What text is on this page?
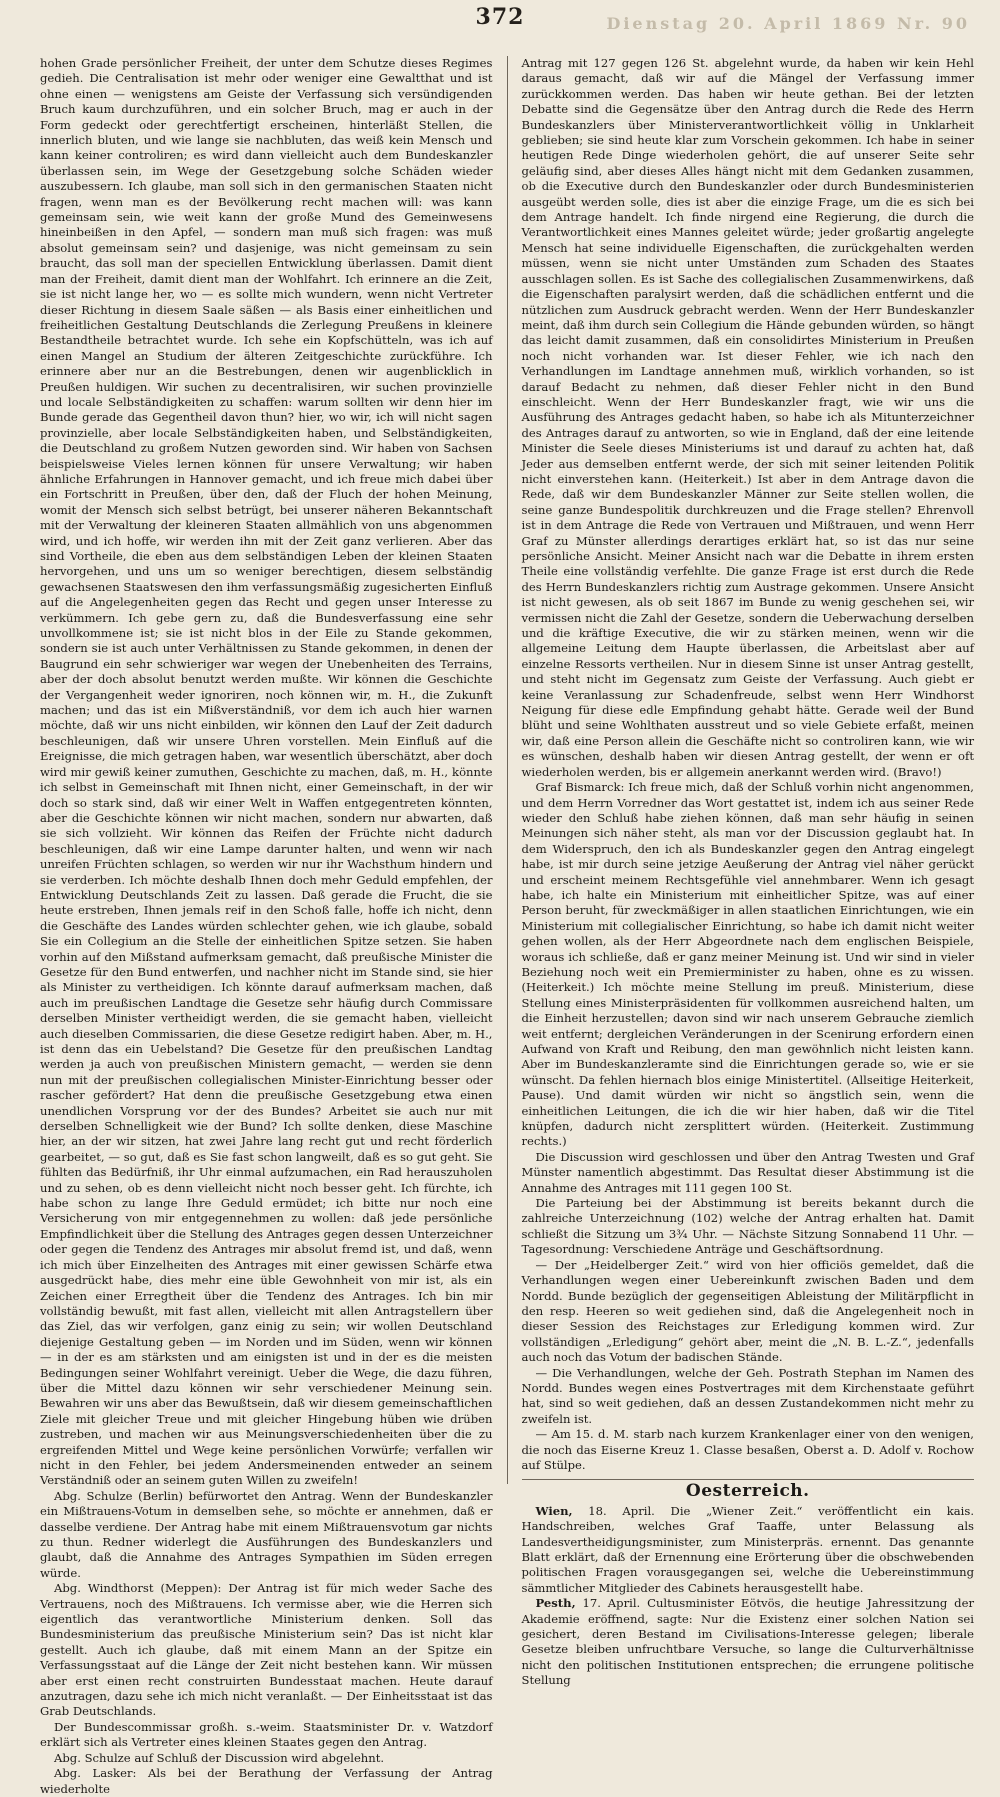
Dienstag 20. April 1869 Nr. 90
372

hohen Grade persönlicher Freiheit, der unter dem Schutze dieses Regimes gedieh. Die Centralisation ist mehr oder weniger eine Gewaltthat und ist ohne einen — wenigstens am Geiste der Verfassung sich versündigenden Bruch kaum durchzuführen, und ein solcher Bruch, mag er auch in der Form gedeckt oder gerechtfertigt erscheinen, hinterläßt Stellen, die innerlich bluten, und wie lange sie nachbluten, das weiß kein Mensch und kann keiner controliren; es wird dann vielleicht auch dem Bundeskanzler überlassen sein, im Wege der Gesetzgebung solche Schäden wieder auszubessern. Ich glaube, man soll sich in den germanischen Staaten nicht fragen, wenn man es der Bevölkerung recht machen will: was kann gemeinsam sein, wie weit kann der große Mund des Gemeinwesens hineinbeißen in den Apfel, — sondern man muß sich fragen: was muß absolut gemeinsam sein? und dasjenige, was nicht gemeinsam zu sein braucht, das soll man der speciellen Entwicklung überlassen. Damit dient man der Freiheit, damit dient man der Wohlfahrt. Ich erinnere an die Zeit, sie ist nicht lange her, wo — es sollte mich wundern, wenn nicht Vertreter dieser Richtung in diesem Saale säßen — als Basis einer einheitlichen und freiheitlichen Gestaltung Deutschlands die Zerlegung Preußens in kleinere Bestandtheile betrachtet wurde. Ich sehe ein Kopfschütteln, was ich auf einen Mangel an Studium der älteren Zeitgeschichte zurückführe. Ich erinnere aber nur an die Bestrebungen, denen wir augenblicklich in Preußen huldigen. Wir suchen zu decentralisiren, wir suchen provinzielle und locale Selbständigkeiten zu schaffen: warum sollten wir denn hier im Bunde gerade das Gegentheil davon thun? hier, wo wir, ich will nicht sagen provinzielle, aber locale Selbständigkeiten haben, und Selbständigkeiten, die Deutschland zu großem Nutzen geworden sind. Wir haben von Sachsen beispielsweise Vieles lernen können für unsere Verwaltung; wir haben ähnliche Erfahrungen in Hannover gemacht, und ich freue mich dabei über ein Fortschritt in Preußen, über den, daß der Fluch der hohen Meinung, womit der Mensch sich selbst betrügt, bei unserer näheren Bekanntschaft mit der Verwaltung der kleineren Staaten allmählich von uns abgenommen wird, und ich hoffe, wir werden ihn mit der Zeit ganz verlieren. Aber das sind Vortheile, die eben aus dem selbständigen Leben der kleinen Staaten hervorgehen, und uns um so weniger berechtigen, diesem selbständig gewachsenen Staatswesen den ihm verfassungsmäßig zugesicherten Einfluß auf die Angelegenheiten gegen das Recht und gegen unser Interesse zu verkümmern. Ich gebe gern zu, daß die Bundesverfassung eine sehr unvollkommene ist; sie ist nicht blos in der Eile zu Stande gekommen, sondern sie ist auch unter Verhältnissen zu Stande gekommen, in denen der Baugrund ein sehr schwieriger war wegen der Unebenheiten des Terrains, aber der doch absolut benutzt werden mußte. Wir können die Geschichte der Vergangenheit weder ignoriren, noch können wir, m. H., die Zukunft machen; und das ist ein Mißverständniß, vor dem ich auch hier warnen möchte, daß wir uns nicht einbilden, wir können den Lauf der Zeit dadurch beschleunigen, daß wir unsere Uhren vorstellen. Mein Einfluß auf die Ereignisse, die mich getragen haben, war wesentlich überschätzt, aber doch wird mir gewiß keiner zumuthen, Geschichte zu machen, daß, m. H., könnte ich selbst in Gemeinschaft mit Ihnen nicht, einer Gemeinschaft, in der wir doch so stark sind, daß wir einer Welt in Waffen entgegentreten könnten, aber die Geschichte können wir nicht machen, sondern nur abwarten, daß sie sich vollzieht. Wir können das Reifen der Früchte nicht dadurch beschleunigen, daß wir eine Lampe darunter halten, und wenn wir nach unreifen Früchten schlagen, so werden wir nur ihr Wachsthum hindern und sie verderben. Ich möchte deshalb Ihnen doch mehr Geduld empfehlen, der Entwicklung Deutschlands Zeit zu lassen. Daß gerade die Frucht, die sie heute erstreben, Ihnen jemals reif in den Schoß falle, hoffe ich nicht, denn die Geschäfte des Landes würden schlechter gehen, wie ich glaube, sobald Sie ein Collegium an die Stelle der einheitlichen Spitze setzen. Sie haben vorhin auf den Mißstand aufmerksam gemacht, daß preußische Minister die Gesetze für den Bund entwerfen, und nachher nicht im Stande sind, sie hier als Minister zu vertheidigen. Ich könnte darauf aufmerksam machen, daß auch im preußischen Landtage die Gesetze sehr häufig durch Commissare derselben Minister vertheidigt werden, die sie gemacht haben, vielleicht auch dieselben Commissarien, die diese Gesetze redigirt haben. Aber, m. H., ist denn das ein Uebelstand? Die Gesetze für den preußischen Landtag werden ja auch von preußischen Ministern gemacht, — werden sie denn nun mit der preußischen collegialischen Minister-Einrichtung besser oder rascher gefördert? Hat denn die preußische Gesetzgebung etwa einen unendlichen Vorsprung vor der des Bundes? Arbeitet sie auch nur mit derselben Schnelligkeit wie der Bund? Ich sollte denken, diese Maschine hier, an der wir sitzen, hat zwei Jahre lang recht gut und recht förderlich gearbeitet, — so gut, daß es Sie fast schon langweilt, daß es so gut geht. Sie fühlten das Bedürfniß, ihr Uhr einmal aufzumachen, ein Rad herauszuholen und zu sehen, ob es denn vielleicht nicht noch besser geht. Ich fürchte, ich habe schon zu lange Ihre Geduld ermüdet; ich bitte nur noch eine Versicherung von mir entgegennehmen zu wollen: daß jede persönliche Empfindlichkeit über die Stellung des Antrages gegen dessen Unterzeichner oder gegen die Tendenz des Antrages mir absolut fremd ist, und daß, wenn ich mich über Einzelheiten des Antrages mit einer gewissen Schärfe etwa ausgedrückt habe, dies mehr eine üble Gewohnheit von mir ist, als ein Zeichen einer Erregtheit über die Tendenz des Antrages. Ich bin mir vollständig bewußt, mit fast allen, vielleicht mit allen Antragstellern über das Ziel, das wir verfolgen, ganz einig zu sein; wir wollen Deutschland diejenige Gestaltung geben — im Norden und im Süden, wenn wir können — in der es am stärksten und am einigsten ist und in der es die meisten Bedingungen seiner Wohlfahrt vereinigt. Ueber die Wege, die dazu führen, über die Mittel dazu können wir sehr verschiedener Meinung sein. Bewahren wir uns aber das Bewußtsein, daß wir diesem gemeinschaftlichen Ziele mit gleicher Treue und mit gleicher Hingebung hüben wie drüben zustreben, und machen wir aus Meinungsverschiedenheiten über die zu ergreifenden Mittel und Wege keine persönlichen Vorwürfe; verfallen wir nicht in den Fehler, bei jedem Andersmeinenden entweder an seinem Verständniß oder an seinem guten Willen zu zweifeln!

Abg. Schulze (Berlin) befürwortet den Antrag. Wenn der Bundeskanzler ein Mißtrauens-Votum in demselben sehe, so möchte er annehmen, daß er dasselbe verdiene. Der Antrag habe mit einem Mißtrauensvotum gar nichts zu thun. Redner widerlegt die Ausführungen des Bundeskanzlers und glaubt, daß die Annahme des Antrages Sympathien im Süden erregen würde.

Abg. Windthorst (Meppen): Der Antrag ist für mich weder Sache des Vertrauens, noch des Mißtrauens. Ich vermisse aber, wie die Herren sich eigentlich das verantwortliche Ministerium denken. Soll das Bundesministerium das preußische Ministerium sein? Das ist nicht klar gestellt. Auch ich glaube, daß mit einem Mann an der Spitze ein Verfassungsstaat auf die Länge der Zeit nicht bestehen kann. Wir müssen aber erst einen recht construirten Bundesstaat machen. Heute darauf anzutragen, dazu sehe ich mich nicht veranlaßt. — Der Einheitsstaat ist das Grab Deutschlands.

Der Bundescommissar großh. s.-weim. Staatsminister Dr. v. Watzdorf erklärt sich als Vertreter eines kleinen Staates gegen den Antrag.

Abg. Schulze auf Schluß der Discussion wird abgelehnt.

Abg. Lasker: Als bei der Berathung der Verfassung der Antrag wiederholte

Antrag mit 127 gegen 126 St. abgelehnt wurde, da haben wir kein Hehl daraus gemacht, daß wir auf die Mängel der Verfassung immer zurückkommen werden. Das haben wir heute gethan. Bei der letzten Debatte sind die Gegensätze über den Antrag durch die Rede des Herrn Bundeskanzlers über Ministerverantwortlichkeit völlig in Unklarheit geblieben; sie sind heute klar zum Vorschein gekommen. Ich habe in seiner heutigen Rede Dinge wiederholen gehört, die auf unserer Seite sehr geläufig sind, aber dieses Alles hängt nicht mit dem Gedanken zusammen, ob die Executive durch den Bundeskanzler oder durch Bundesministerien ausgeübt werden solle, dies ist aber die einzige Frage, um die es sich bei dem Antrage handelt. Ich finde nirgend eine Regierung, die durch die Verantwortlichkeit eines Mannes geleitet würde; jeder großartig angelegte Mensch hat seine individuelle Eigenschaften, die zurückgehalten werden müssen, wenn sie nicht unter Umständen zum Schaden des Staates ausschlagen sollen. Es ist Sache des collegialischen Zusammenwirkens, daß die Eigenschaften paralysirt werden, daß die schädlichen entfernt und die nützlichen zum Ausdruck gebracht werden. Wenn der Herr Bundeskanzler meint, daß ihm durch sein Collegium die Hände gebunden würden, so hängt das leicht damit zusammen, daß ein consolidirtes Ministerium in Preußen noch nicht vorhanden war. Ist dieser Fehler, wie ich nach den Verhandlungen im Landtage annehmen muß, wirklich vorhanden, so ist darauf Bedacht zu nehmen, daß dieser Fehler nicht in den Bund einschleicht. Wenn der Herr Bundeskanzler fragt, wie wir uns die Ausführung des Antrages gedacht haben, so habe ich als Mitunterzeichner des Antrages darauf zu antworten, so wie in England, daß der eine leitende Minister die Seele dieses Ministeriums ist und darauf zu achten hat, daß Jeder aus demselben entfernt werde, der sich mit seiner leitenden Politik nicht einverstehen kann. (Heiterkeit.) Ist aber in dem Antrage davon die Rede, daß wir dem Bundeskanzler Männer zur Seite stellen wollen, die seine ganze Bundespolitik durchkreuzen und die Frage stellen? Ehrenvoll ist in dem Antrage die Rede von Vertrauen und Mißtrauen, und wenn Herr Graf zu Münster allerdings derartiges erklärt hat, so ist das nur seine persönliche Ansicht. Meiner Ansicht nach war die Debatte in ihrem ersten Theile eine vollständig verfehlte. Die ganze Frage ist erst durch die Rede des Herrn Bundeskanzlers richtig zum Austrage gekommen. Unsere Ansicht ist nicht gewesen, als ob seit 1867 im Bunde zu wenig geschehen sei, wir vermissen nicht die Zahl der Gesetze, sondern die Ueberwachung derselben und die kräftige Executive, die wir zu stärken meinen, wenn wir die allgemeine Leitung dem Haupte überlassen, die Arbeitslast aber auf einzelne Ressorts vertheilen. Nur in diesem Sinne ist unser Antrag gestellt, und steht nicht im Gegensatz zum Geiste der Verfassung. Auch giebt er keine Veranlassung zur Schadenfreude, selbst wenn Herr Windhorst Neigung für diese edle Empfindung gehabt hätte. Gerade weil der Bund blüht und seine Wohlthaten ausstreut und so viele Gebiete erfaßt, meinen wir, daß eine Person allein die Geschäfte nicht so controliren kann, wie wir es wünschen, deshalb haben wir diesen Antrag gestellt, der wenn er oft wiederholen werden, bis er allgemein anerkannt werden wird. (Bravo!)

Graf Bismarck: Ich freue mich, daß der Schluß vorhin nicht angenommen, und dem Herrn Vorredner das Wort gestattet ist, indem ich aus seiner Rede wieder den Schluß habe ziehen können, daß man sehr häufig in seinen Meinungen sich näher steht, als man vor der Discussion geglaubt hat. In dem Widerspruch, den ich als Bundeskanzler gegen den Antrag eingelegt habe, ist mir durch seine jetzige Aeußerung der Antrag viel näher gerückt und erscheint meinem Rechtsgefühle viel annehmbarer. Wenn ich gesagt habe, ich halte ein Ministerium mit einheitlicher Spitze, was auf einer Person beruht, für zweckmäßiger in allen staatlichen Einrichtungen, wie ein Ministerium mit collegialischer Einrichtung, so habe ich damit nicht weiter gehen wollen, als der Herr Abgeordnete nach dem englischen Beispiele, woraus ich schließe, daß er ganz meiner Meinung ist. Und wir sind in vieler Beziehung noch weit ein Premierminister zu haben, ohne es zu wissen. (Heiterkeit.) Ich möchte meine Stellung im preuß. Ministerium, diese Stellung eines Ministerpräsidenten für vollkommen ausreichend halten, um die Einheit herzustellen; davon sind wir nach unserem Gebrauche ziemlich weit entfernt; dergleichen Veränderungen in der Scenirung erfordern einen Aufwand von Kraft und Reibung, den man gewöhnlich nicht leisten kann. Aber im Bundeskanzleramte sind die Einrichtungen gerade so, wie er sie wünscht. Da fehlen hiernach blos einige Ministertitel. (Allseitige Heiterkeit, Pause). Und damit würden wir nicht so ängstlich sein, wenn die einheitlichen Leitungen, die ich die wir hier haben, daß wir die Titel knüpfen, dadurch nicht zersplittert würden. (Heiterkeit. Zustimmung rechts.)

Die Discussion wird geschlossen und über den Antrag Twesten und Graf Münster namentlich abgestimmt. Das Resultat dieser Abstimmung ist die Annahme des Antrages mit 111 gegen 100 St.

Die Parteiung bei der Abstimmung ist bereits bekannt durch die zahlreiche Unterzeichnung (102) welche der Antrag erhalten hat. Damit schließt die Sitzung um 3¾ Uhr. — Nächste Sitzung Sonnabend 11 Uhr. — Tagesordnung: Verschiedene Anträge und Geschäftsordnung.

— Der „Heidelberger Zeit.“ wird von hier officiös gemeldet, daß die Verhandlungen wegen einer Uebereinkunft zwischen Baden und dem Nordd. Bunde bezüglich der gegenseitigen Ableistung der Militärpflicht in den resp. Heeren so weit gediehen sind, daß die Angelegenheit noch in dieser Session des Reichstages zur Erledigung kommen wird. Zur vollständigen „Erledigung“ gehört aber, meint die „N. B. L.-Z.“, jedenfalls auch noch das Votum der badischen Stände.

— Die Verhandlungen, welche der Geh. Postrath Stephan im Namen des Nordd. Bundes wegen eines Postvertrages mit dem Kirchenstaate geführt hat, sind so weit gediehen, daß an dessen Zustandekommen nicht mehr zu zweifeln ist.

— Am 15. d. M. starb nach kurzem Krankenlager einer von den wenigen, die noch das Eiserne Kreuz 1. Classe besaßen, Oberst a. D. Adolf v. Rochow auf Stülpe.

Oesterreich.

Wien, 18. April. Die „Wiener Zeit.“ veröffentlicht ein kais. Handschreiben, welches Graf Taaffe, unter Belassung als Landesvertheidigungsminister, zum Ministerpräs. ernennt. Das genannte Blatt erklärt, daß der Ernennung eine Erörterung über die obschwebenden politischen Fragen vorausgegangen sei, welche die Uebereinstimmung sämmtlicher Mitglieder des Cabinets herausgestellt habe.

Pesth, 17. April. Cultusminister Eötvös, die heutige Jahressitzung der Akademie eröffnend, sagte: Nur die Existenz einer solchen Nation sei gesichert, deren Bestand im Civilisations-Interesse gelegen; liberale Gesetze bleiben unfruchtbare Versuche, so lange die Culturverhältnisse nicht den politischen Institutionen entsprechen; die errungene politische Stellung
